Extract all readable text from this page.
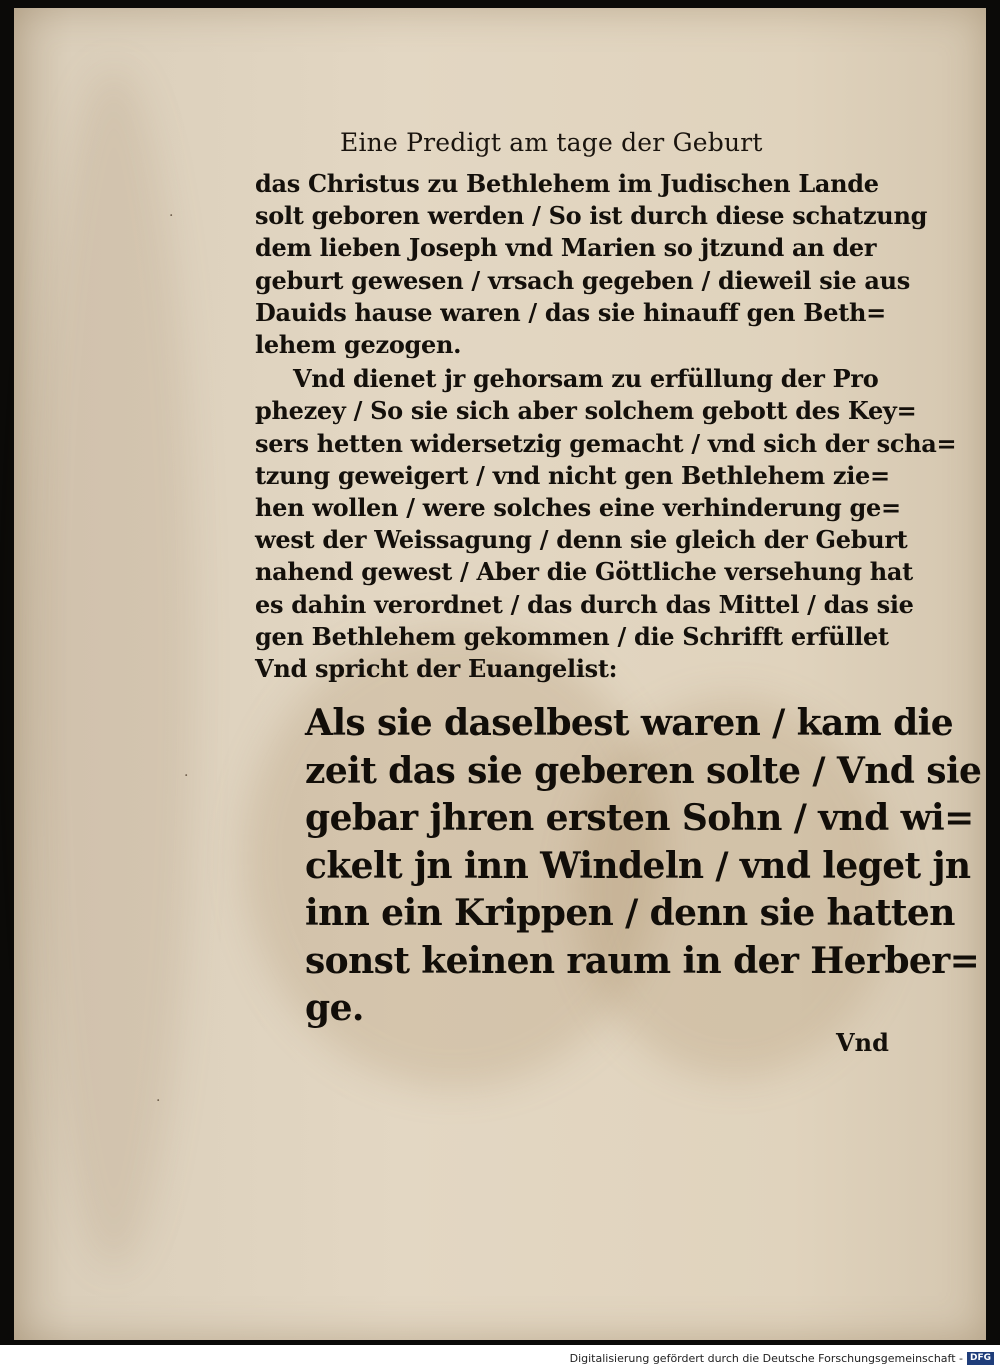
·
·
·
Eine Predigt am tage der Geburt
das Christus zu Bethlehem im Judischen Lande
solt geboren werden / So ist durch diese schatzung
dem lieben Joseph vnd Marien so jtzund an der
geburt gewesen / vrsach gegeben / dieweil sie aus
Dauids hause waren / das sie hinauff gen Beth=
lehem gezogen.
Vnd dienet jr gehorsam zu erfüllung der Pro
phezey / So sie sich aber solchem gebott des Key=
sers hetten widersetzig gemacht / vnd sich der scha=
tzung geweigert / vnd nicht gen Bethlehem zie=
hen wollen / were solches eine verhinderung ge=
west der Weissagung / denn sie gleich der Geburt
nahend gewest / Aber die Göttliche versehung hat
es dahin verordnet / das durch das Mittel / das sie
gen Bethlehem gekommen / die Schrifft erfüllet
Vnd spricht der Euangelist:
Als sie daselbest waren / kam die
zeit das sie geberen solte / Vnd sie
gebar jhren ersten Sohn / vnd wi=
ckelt jn inn Windeln / vnd leget jn
inn ein Krippen / denn sie hatten
sonst keinen raum in der Herber=
ge.
Vnd
Digitalisierung gefördert durch die Deutsche Forschungsgemeinschaft - DFG
